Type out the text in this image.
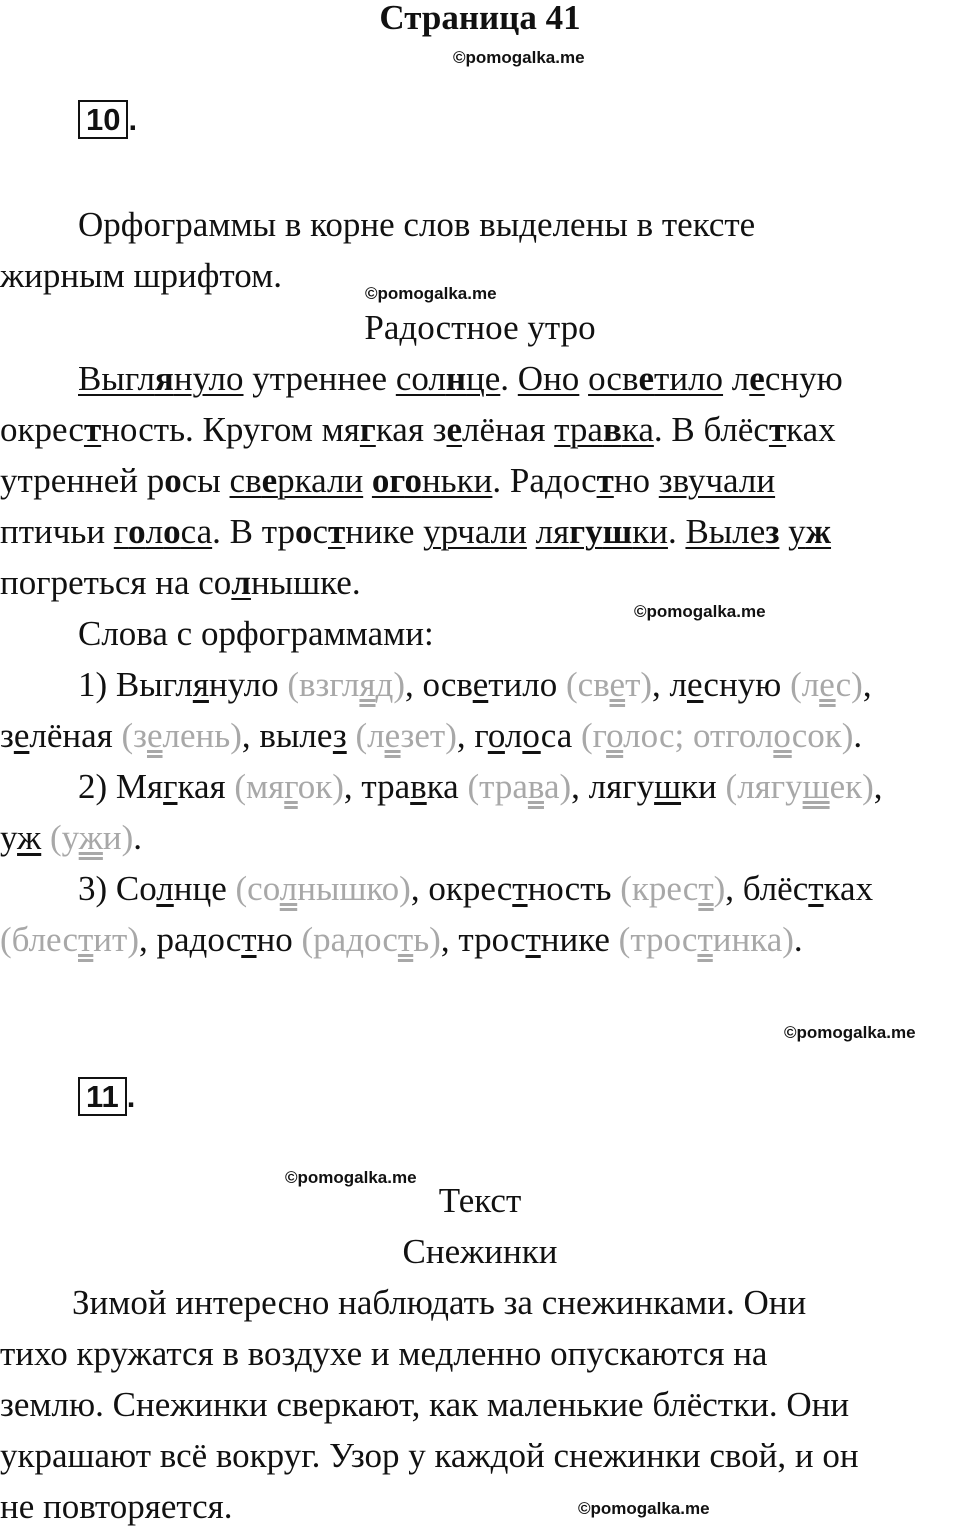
Страница 41
©pomogalka.me
10 .
Орфограммы в корне слов выделены в тексте
жирным шрифтом.	©pomogalka.me
Радостное утро
Выглянуло утреннее солнце. Оно осветило лесную
окрестность. Кругом мягкая зелёная травка. В блёстках
утренней росы сверкали огоньки. Радостно звучали
птичьи голоса. В тростнике урчали лягушки. Вылез уж
погреться на солнышке.
©pomogalka.me
Слова с орфограммами:
1) Выглянуло (взгляд), осветило (свет), лесную (лес),
зелёная (зелень), вылез (лезет), голоса (голос; отголосок).
2) Мягкая (мягок), травка (трава), лягушки (лягушек),
уж (ужи).
3) Солнце (солнышко), окрестность (крест), блёстках
(блестит), радостно (радость), тростнике (тростинка).
©pomogalka.me
11 .
©pomogalka.me
Текст
Снежинки
Зимой интересно наблюдать за снежинками. Они
тихо кружатся в воздухе и медленно опускаются на
землю. Снежинки сверкают, как маленькие блёстки. Они
украшают всё вокруг. Узор у каждой снежинки свой, и он
не повторяется.	©pomogalka.me
